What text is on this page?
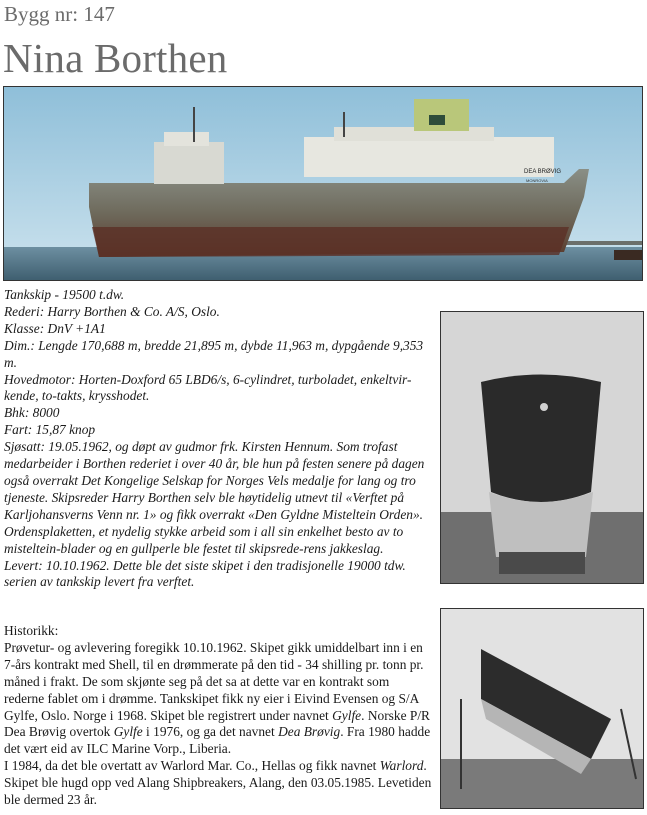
Bygg nr: 147
Nina Borthen
DEA BRØVIG
MONROVIA

Tankskip - 19500 t.dw.

Rederi: Harry Borthen & Co. A/S, Oslo.

Klasse: DnV +1A1

Dim.: Lengde 170,688 m, bredde 21,895 m, dybde 11,963 m, dypgående 9,353 m.

Hovedmotor: Horten-Doxford 65 LBD6/s, 6-cylindret, turboladet, enkeltvir-kende, to-takts, krysshodet.

Bhk: 8000

Fart: 15,87 knop

Sjøsatt: 19.05.1962, og døpt av gudmor frk. Kirsten Hennum. Som trofast medarbeider i Borthen rederiet i over 40 år, ble hun på festen senere på dagen også overrakt Det Kongelige Selskap for Norges Vels medalje for lang og tro tjeneste. Skipsreder Harry Borthen selv ble høytidelig utnevt til «Verftet på Karljohansverns Venn nr. 1» og fikk overrakt «Den Gyldne Misteltein Orden». Ordensplaketten, et nydelig stykke arbeid som i all sin enkelhet besto av to misteltein-blader og en gullperle ble festet til skipsrede-rens jakkeslag.

Levert: 10.10.1962. Dette ble det siste skipet i den tradisjonelle 19000 tdw. serien av tankskip levert fra verftet.

Historikk:

Prøvetur- og avlevering foregikk 10.10.1962. Skipet gikk umiddelbart inn i en 7-års kontrakt med Shell, til en drømmerate på den tid - 34 shilling pr. tonn pr. måned i frakt. De som skjønte seg på det sa at dette var en kontrakt som rederne fablet om i drømme. Tankskipet fikk ny eier i Eivind Evensen og S/A Gylfe, Oslo. Norge i 1968. Skipet ble registrert under navnet Gylfe. Norske P/R Dea Brøvig overtok Gylfe i 1976, og ga det navnet Dea Brøvig. Fra 1980 hadde det vært eid av ILC Marine Vorp., Liberia.

I 1984, da det ble overtatt av Warlord Mar. Co., Hellas og fikk navnet Warlord. Skipet ble hugd opp ved Alang Shipbreakers, Alang, den 03.05.1985. Levetiden ble dermed 23 år.
